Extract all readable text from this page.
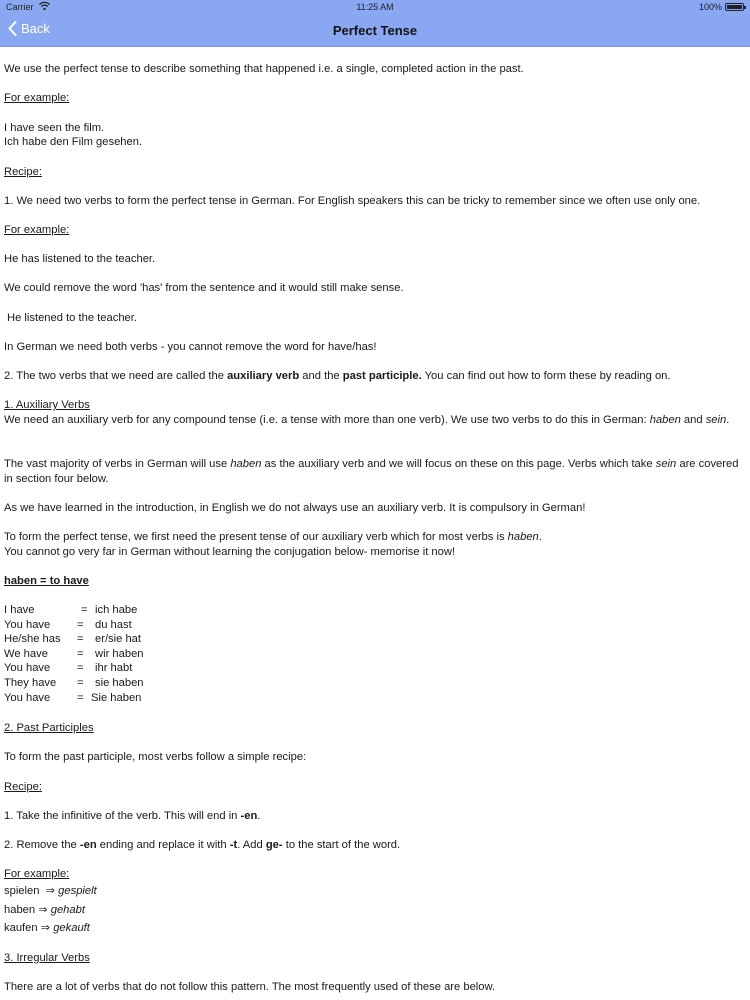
Carrier	11:25 AM	100%
Back	Perfect Tense

We use the perfect tense to describe something that happened i.e. a single, completed action in the past.

For example:

I have seen the film.

Ich habe den Film gesehen.

Recipe:

1. We need two verbs to form the perfect tense in German. For English speakers this can be tricky to remember since we often use only one.

For example:

He has listened to the teacher.

We could remove the word 'has' from the sentence and it would still make sense.

He listened to the teacher.

In German we need both verbs - you cannot remove the word for have/has!

2. The two verbs that we need are called the auxiliary verb and the past participle. You can find out how to form these by reading on.

1. Auxiliary Verbs

We need an auxiliary verb for any compound tense (i.e. a tense with more than one verb). We use two verbs to do this in German: haben and sein.

The vast majority of verbs in German will use haben as the auxiliary verb and we will focus on these on this page. Verbs which take sein are covered in section four below.

As we have learned in the introduction, in English we do not always use an auxiliary verb. It is compulsory in German!

To form the perfect tense, we first need the present tense of our auxiliary verb which for most verbs is haben.

You cannot go very far in German without learning the conjugation below- memorise it now!

haben = to have

I have	=	ich habe
You have	=	du hast
He/she has	=	er/sie hat
We have	=	wir haben
You have	=	ihr habt
They have	=	sie haben
You have	=	Sie haben

2. Past Participles

To form the past participle, most verbs follow a simple recipe:

Recipe:

1. Take the infinitive of the verb. This will end in -en.

2. Remove the -en ending and replace it with -t. Add ge- to the start of the word.

For example:

spielen ⇒ gespielt

haben ⇒ gehabt

kaufen ⇒ gekauft

3. Irregular Verbs

There are a lot of verbs that do not follow this pattern. The most frequently used of these are below.
